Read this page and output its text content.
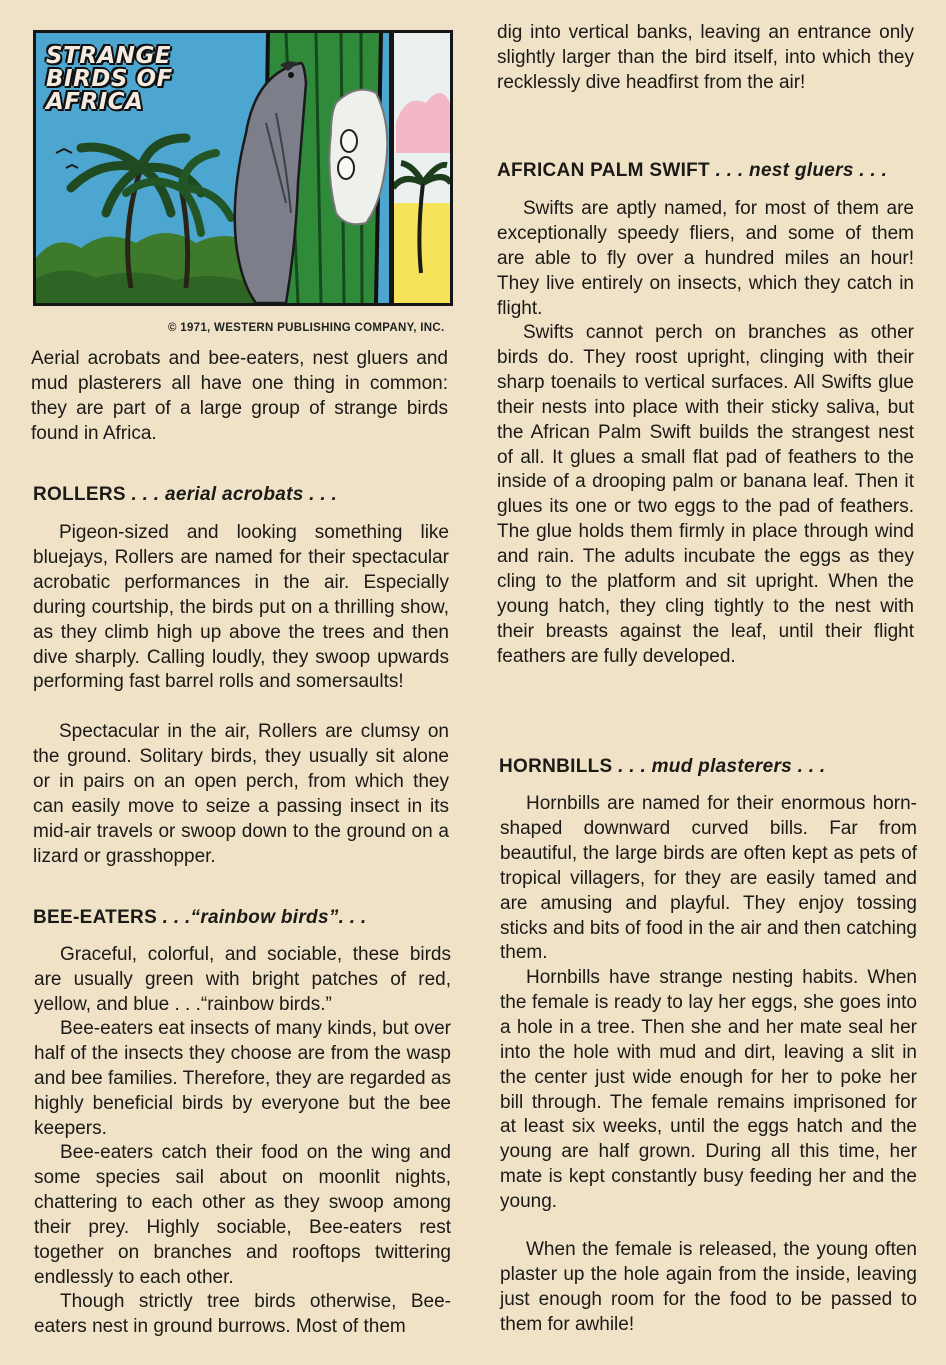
STRANGE
BIRDS OF
AFRICA
© 1971, WESTERN PUBLISHING COMPANY, INC.

Aerial acrobats and bee-eaters, nest gluers and mud plasterers all have one thing in common: they are part of a large group of strange birds found in Africa.

ROLLERS . . . aerial acrobats . . .

Pigeon-sized and looking something like bluejays, Rollers are named for their spectacular acrobatic performances in the air. Especially during courtship, the birds put on a thrilling show, as they climb high up above the trees and then dive sharply. Calling loudly, they swoop upwards performing fast barrel rolls and somersaults!

Spectacular in the air, Rollers are clumsy on the ground. Solitary birds, they usually sit alone or in pairs on an open perch, from which they can easily move to seize a passing insect in its mid-air travels or swoop down to the ground on a lizard or grasshopper.

BEE-EATERS . . .“rainbow birds”. . .

Graceful, colorful, and sociable, these birds are usually green with bright patches of red, yellow, and blue . . .“rainbow birds.”

Bee-eaters eat insects of many kinds, but over half of the insects they choose are from the wasp and bee families. Therefore, they are regarded as highly beneficial birds by everyone but the bee keepers.

Bee-eaters catch their food on the wing and some species sail about on moonlit nights, chattering to each other as they swoop among their prey. Highly sociable, Bee-eaters rest together on branches and rooftops twittering endlessly to each other.

Though strictly tree birds otherwise, Bee-eaters nest in ground burrows. Most of them

dig into vertical banks, leaving an entrance only slightly larger than the bird itself, into which they recklessly dive headfirst from the air!

AFRICAN PALM SWIFT . . . nest gluers . . .

Swifts are aptly named, for most of them are exceptionally speedy fliers, and some of them are able to fly over a hundred miles an hour! They live entirely on insects, which they catch in flight.

Swifts cannot perch on branches as other birds do. They roost upright, clinging with their sharp toenails to vertical surfaces. All Swifts glue their nests into place with their sticky saliva, but the African Palm Swift builds the strangest nest of all. It glues a small flat pad of feathers to the inside of a drooping palm or banana leaf. Then it glues its one or two eggs to the pad of feathers. The glue holds them firmly in place through wind and rain. The adults incubate the eggs as they cling to the platform and sit upright. When the young hatch, they cling tightly to the nest with their breasts against the leaf, until their flight feathers are fully developed.

HORNBILLS . . . mud plasterers . . .

Hornbills are named for their enormous horn-shaped downward curved bills. Far from beautiful, the large birds are often kept as pets of tropical villagers, for they are easily tamed and are amusing and playful. They enjoy tossing sticks and bits of food in the air and then catching them.

Hornbills have strange nesting habits. When the female is ready to lay her eggs, she goes into a hole in a tree. Then she and her mate seal her into the hole with mud and dirt, leaving a slit in the center just wide enough for her to poke her bill through. The female remains imprisoned for at least six weeks, until the eggs hatch and the young are half grown. During all this time, her mate is kept constantly busy feeding her and the young.

When the female is released, the young often plaster up the hole again from the inside, leaving just enough room for the food to be passed to them for awhile!
